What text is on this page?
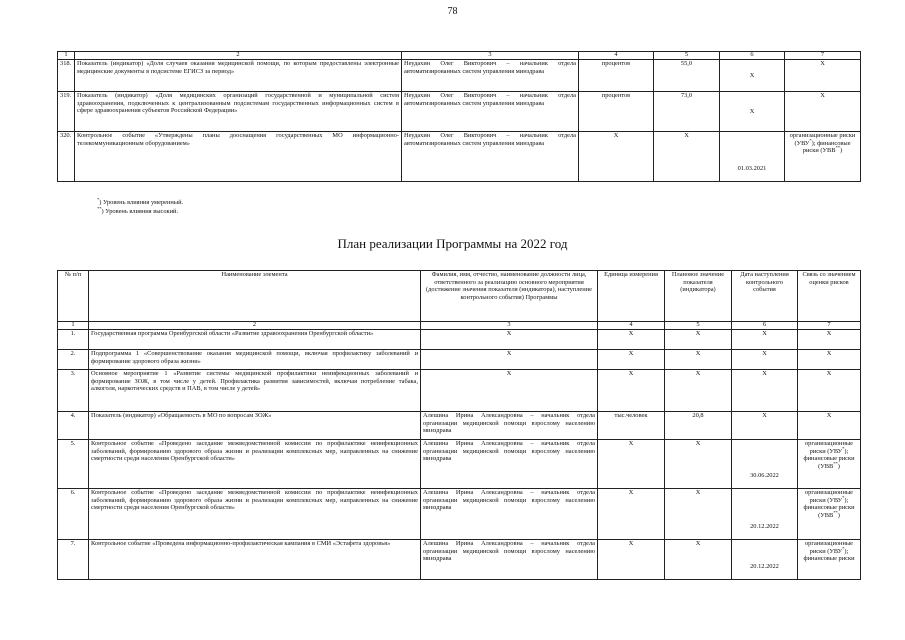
78
1	2	3	4	5	6	7
318.	Показатель (индикатор) «Доля случаев оказания медицинской помощи, по которым предоставлены электронные медицинские документы в подсистеме ЕГИСЗ за период»	Неудахин Олег Викторович – начальник отдела автоматизированных систем управления минздрава	процентов	55,0	X	X
319.	Показатель (индикатор) «Доля медицинских организаций государственной и муниципальной систем здравоохранения, подключенных к централизованным подсистемам государственных информационных систем в сфере здравоохранения субъектов Российской Федерации»	Неудахин Олег Викторович – начальник отдела автоматизированных систем управления минздрава	процентов	73,0	X	X
320.	Контрольное событие «Утверждены планы дооснащения государственных МО информационно-телекоммуникационным оборудованием»	Неудахин Олег Викторович – начальник отдела автоматизированных систем управления минздрава	X	X	01.03.2021	организационные риски (УВУ*); финансовые риски (УВВ**)
*) Уровень влияния умеренный.
**) Уровень влияния высокий.
План реализации Программы на 2022 год
№ п/п	Наименование элемента	Фамилия, имя, отчество, наименование должности лица, ответственного за реализацию основного мероприятия (достижение значения показателя (индикатора), наступление контрольного события) Программы	Единица измерения	Плановое значение показателя (индикатора)	Дата наступления контрольного события	Связь со значением оценки рисков
1	2	3	4	5	6	7
1.	Государственная программа Оренбургской области «Развитие здравоохранения Оренбургской области»	X	X	X	X	X
2.	Подпрограмма 1 «Совершенствование оказания медицинской помощи, включая профилактику заболеваний и формирование здорового образа жизни»	X	X	X	X	X
3.	Основное мероприятие 1 «Развитие системы медицинской профилактики неинфекционных заболеваний и формирование ЗОЖ, в том числе у детей. Профилактика развития зависимостей, включая потребление табака, алкоголя, наркотических средств и ПАВ, в том числе у детей»	X	X	X	X	X
4.	Показатель (индикатор) «Обращаемость в МО по вопросам ЗОЖ»	Алешина Ирина Александровна – начальник отдела организации медицинской помощи взрослому населению минздрава	тыс.человек	20,8	X	X
5.	Контрольное событие «Проведено заседание межведомственной комиссии по профилактике неинфекционных заболеваний, формированию здорового образа жизни и реализации комплексных мер, направленных на снижение смертности среди населения Оренбургской области»	Алешина Ирина Александровна – начальник отдела организации медицинской помощи взрослому населению минздрава	X	X	30.06.2022	организационные риски (УВУ*); финансовые риски (УВВ**)
6.	Контрольное событие «Проведено заседание межведомственной комиссии по профилактике неинфекционных заболеваний, формированию здорового образа жизни и реализации комплексных мер, направленных на снижение смертности среди населения Оренбургской области»	Алешина Ирина Александровна – начальник отдела организации медицинской помощи взрослому населению минздрава	X	X	20.12.2022	организационные риски (УВУ*); финансовые риски (УВВ**)
7.	Контрольное событие «Проведена информационно-профилактическая кампания в СМИ «Эстафета здоровья»	Алешина Ирина Александровна – начальник отдела организации медицинской помощи взрослому населению минздрава	X	X	20.12.2022	организационные риски (УВУ*); финансовые риски
